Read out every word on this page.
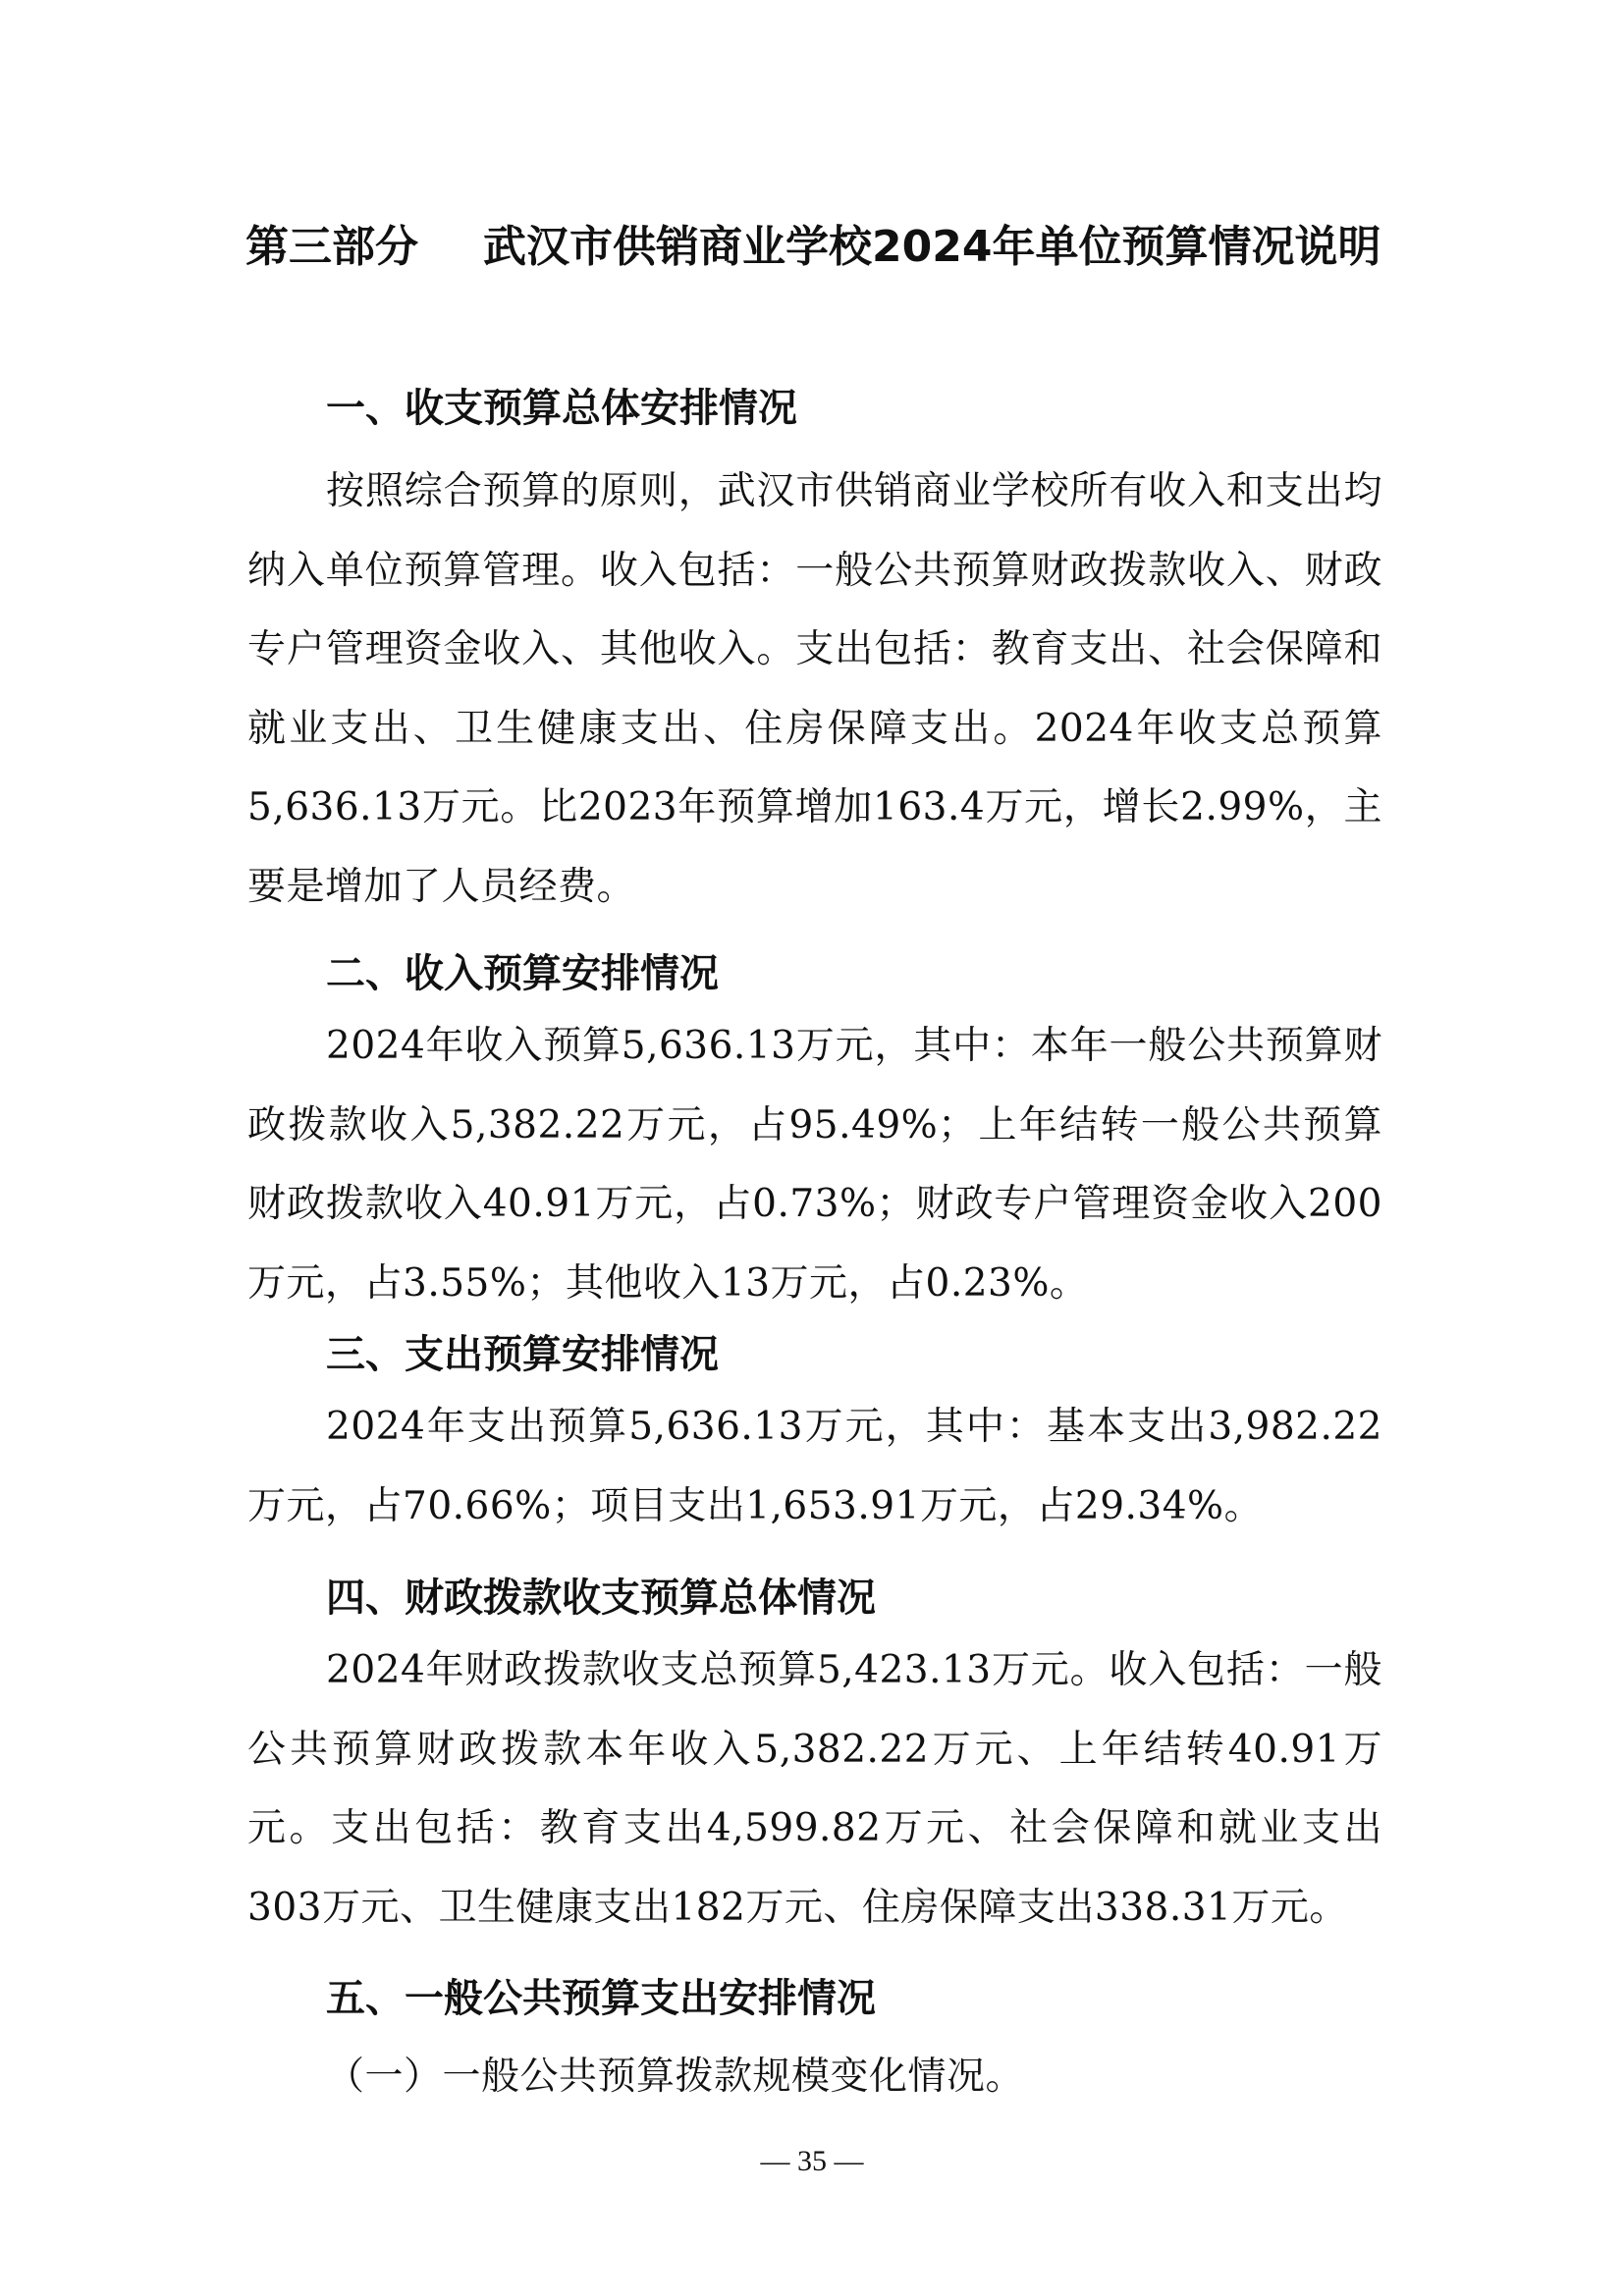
第三部分 武汉市供销商业学校2024年单位预算情况说明
一、收支预算总体安排情况
按照综合预算的原则，武汉市供销商业学校所有收入和支出均纳入单位预算管理。收入包括：一般公共预算财政拨款收入、财政专户管理资金收入、其他收入。支出包括：教育支出、社会保障和就业支出、卫生健康支出、住房保障支出。2024年收支总预算5,636.13万元。比2023年预算增加163.4万元，增长2.99%，主要是增加了人员经费。
二、收入预算安排情况
2024年收入预算5,636.13万元，其中：本年一般公共预算财政拨款收入5,382.22万元，占95.49%；上年结转一般公共预算财政拨款收入40.91万元，占0.73%；财政专户管理资金收入200万元，占3.55%；其他收入13万元，占0.23%。
三、支出预算安排情况
2024年支出预算5,636.13万元，其中：基本支出3,982.22万元，占70.66%；项目支出1,653.91万元，占29.34%。
四、财政拨款收支预算总体情况
2024年财政拨款收支总预算5,423.13万元。收入包括：一般公共预算财政拨款本年收入5,382.22万元、上年结转40.91万元。支出包括：教育支出4,599.82万元、社会保障和就业支出303万元、卫生健康支出182万元、住房保障支出338.31万元。
五、一般公共预算支出安排情况
（一）一般公共预算拨款规模变化情况。
— 35 —
